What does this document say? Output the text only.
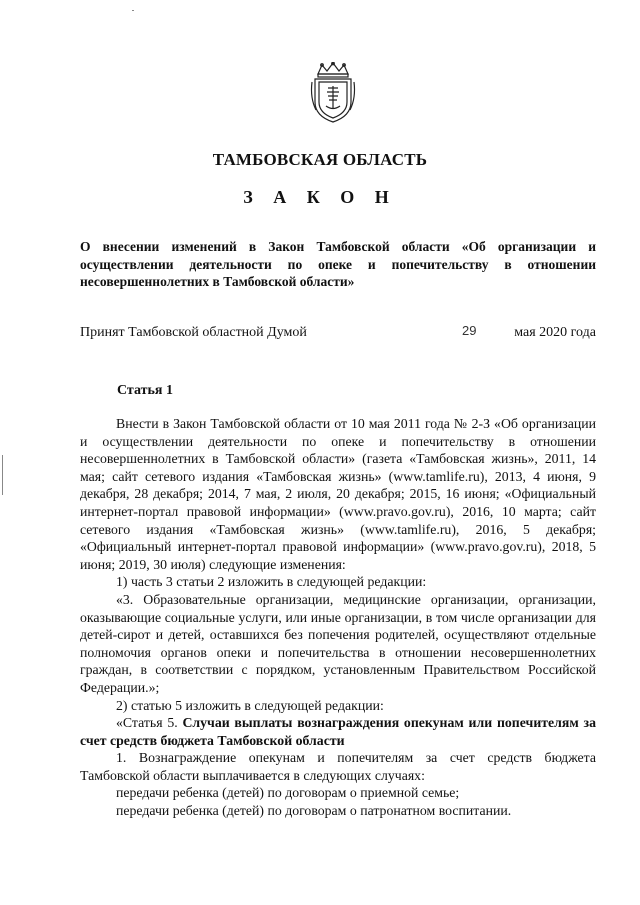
ТАМБОВСКАЯ ОБЛАСТЬ
З А К О Н
О внесении изменений в Закон Тамбовской области «Об организации и осуществлении деятельности по опеке и попечительству в отношении несовершеннолетних в Тамбовской области»
Принят Тамбовской областной Думой	29	мая 2020 года
Статья 1

Внести в Закон Тамбовской области от 10 мая 2011 года № 2-З «Об организации и осуществлении деятельности по опеке и попечительству в отношении несовершеннолетних в Тамбовской области» (газета «Тамбовская жизнь», 2011, 14 мая; сайт сетевого издания «Тамбовская жизнь» (www.tamlife.ru), 2013, 4 июня, 9 декабря, 28 декабря; 2014, 7 мая, 2 июля, 20 декабря; 2015, 16 июня; «Официальный интернет-портал правовой информации» (www.pravo.gov.ru), 2016, 10 марта; сайт сетевого издания «Тамбовская жизнь» (www.tamlife.ru), 2016, 5 декабря; «Официальный интернет-портал правовой информации» (www.pravo.gov.ru), 2018, 5 июня; 2019, 30 июля) следующие изменения:

1) часть 3 статьи 2 изложить в следующей редакции:

«3. Образовательные организации, медицинские организации, организации, оказывающие социальные услуги, или иные организации, в том числе организации для детей-сирот и детей, оставшихся без попечения родителей, осуществляют отдельные полномочия органов опеки и попечительства в отношении несовершеннолетних граждан, в соответствии с порядком, установленным Правительством Российской Федерации.»;

2) статью 5 изложить в следующей редакции:

«Статья 5. Случаи выплаты вознаграждения опекунам или попечителям за счет средств бюджета Тамбовской области

1. Вознаграждение опекунам и попечителям за счет средств бюджета Тамбовской области выплачивается в следующих случаях:

передачи ребенка (детей) по договорам о приемной семье;

передачи ребенка (детей) по договорам о патронатном воспитании.
